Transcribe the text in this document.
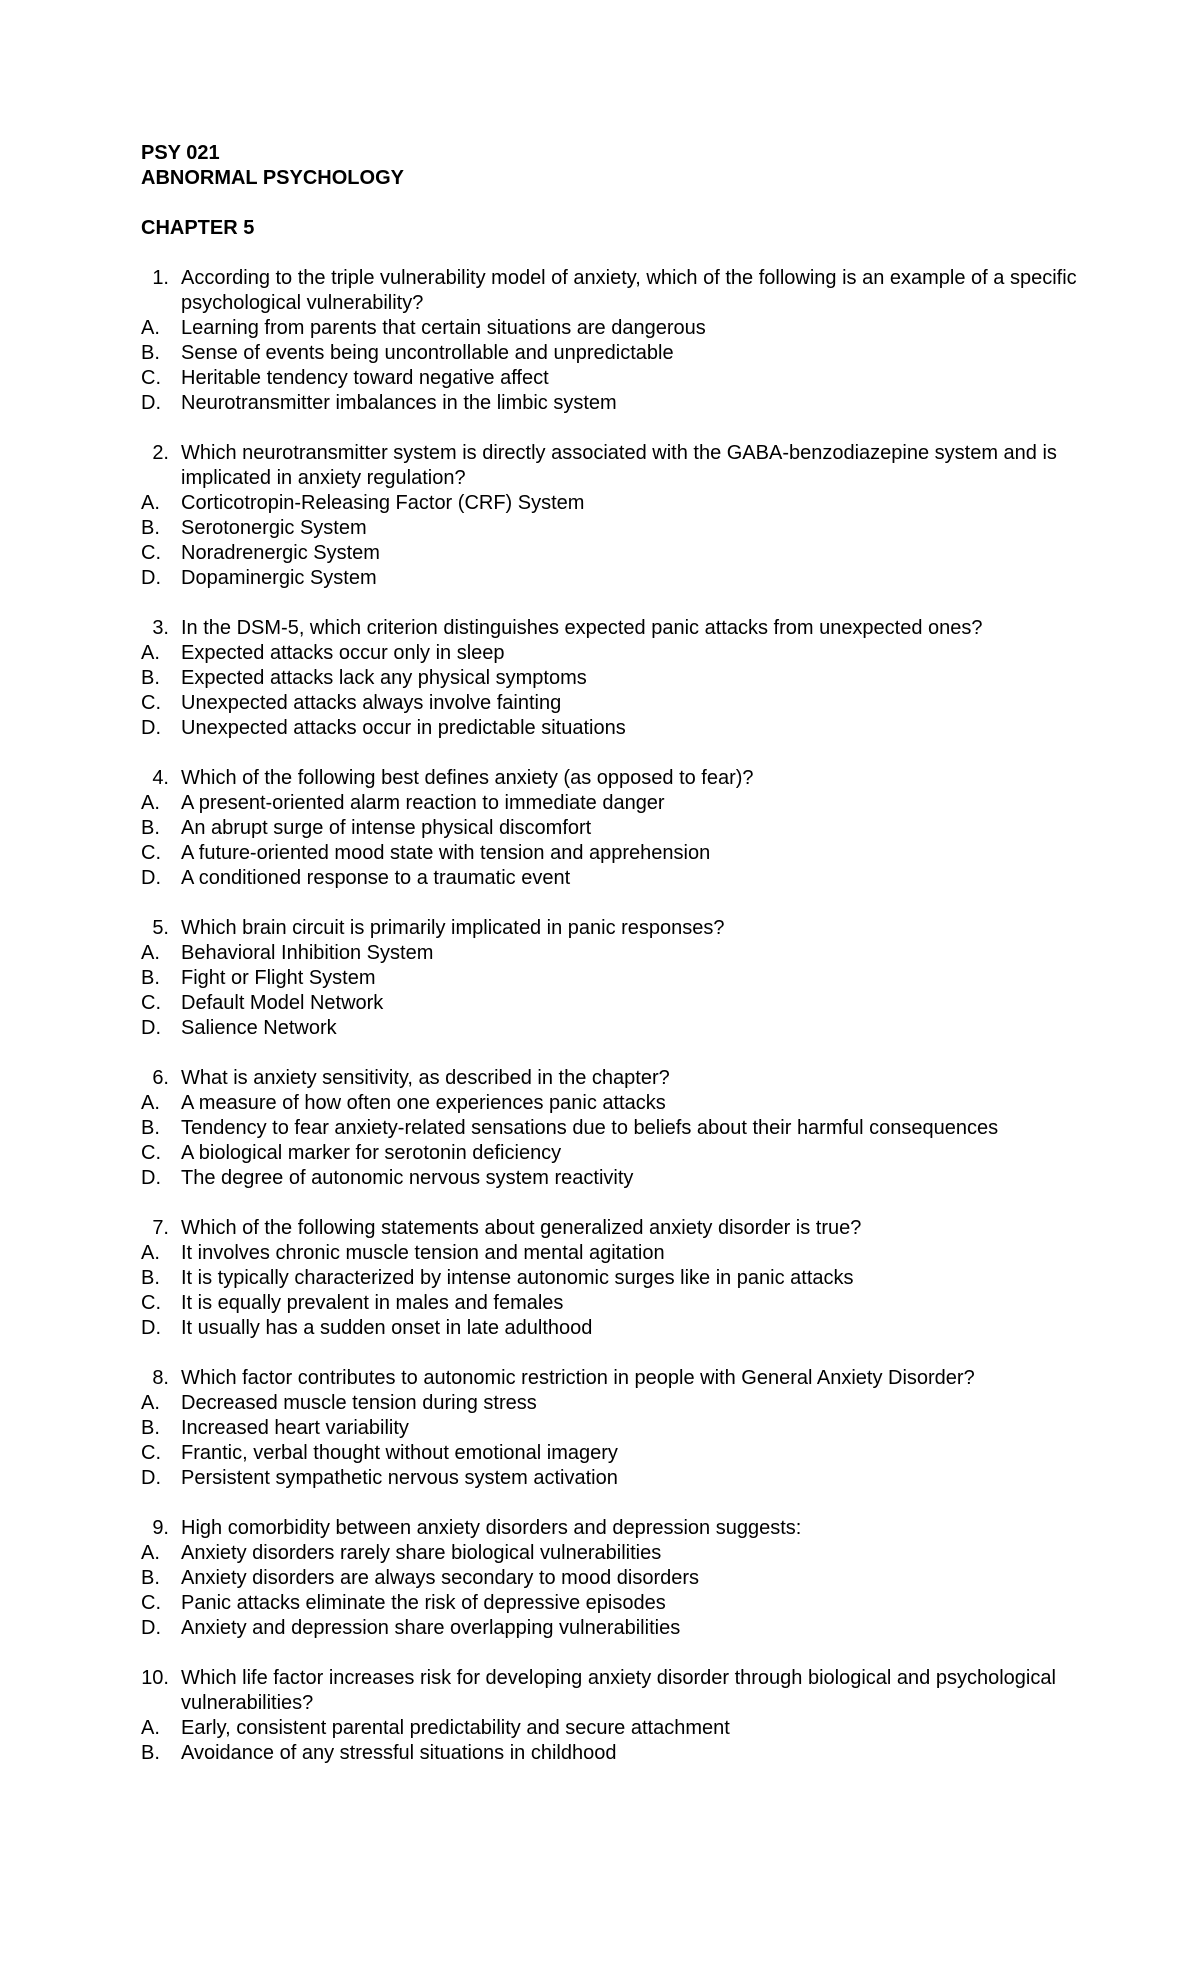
PSY 021
ABNORMAL PSYCHOLOGY
CHAPTER 5
1. According to the triple vulnerability model of anxiety, which of the following is an example of a specific psychological vulnerability?
A.	Learning from parents that certain situations are dangerous
B.	Sense of events being uncontrollable and unpredictable
C.	Heritable tendency toward negative affect
D.	Neurotransmitter imbalances in the limbic system
2. Which neurotransmitter system is directly associated with the GABA-benzodiazepine system and is implicated in anxiety regulation?
A.	Corticotropin-Releasing Factor (CRF) System
B.	Serotonergic System
C.	Noradrenergic System
D.	Dopaminergic System
3. In the DSM-5, which criterion distinguishes expected panic attacks from unexpected ones?
A.	Expected attacks occur only in sleep
B.	Expected attacks lack any physical symptoms
C.	Unexpected attacks always involve fainting
D.	Unexpected attacks occur in predictable situations
4. Which of the following best defines anxiety (as opposed to fear)?
A.	A present-oriented alarm reaction to immediate danger
B.	An abrupt surge of intense physical discomfort
C.	A future-oriented mood state with tension and apprehension
D.	A conditioned response to a traumatic event
5. Which brain circuit is primarily implicated in panic responses?
A.	Behavioral Inhibition System
B.	Fight or Flight System
C.	Default Model Network
D.	Salience Network
6. What is anxiety sensitivity, as described in the chapter?
A.	A measure of how often one experiences panic attacks
B.	Tendency to fear anxiety-related sensations due to beliefs about their harmful consequences
C.	A biological marker for serotonin deficiency
D.	The degree of autonomic nervous system reactivity
7. Which of the following statements about generalized anxiety disorder is true?
A.	It involves chronic muscle tension and mental agitation
B.	It is typically characterized by intense autonomic surges like in panic attacks
C.	It is equally prevalent in males and females
D.	It usually has a sudden onset in late adulthood
8. Which factor contributes to autonomic restriction in people with General Anxiety Disorder?
A.	Decreased muscle tension during stress
B.	Increased heart variability
C.	Frantic, verbal thought without emotional imagery
D.	Persistent sympathetic nervous system activation
9. High comorbidity between anxiety disorders and depression suggests:
A.	Anxiety disorders rarely share biological vulnerabilities
B.	Anxiety disorders are always secondary to mood disorders
C.	Panic attacks eliminate the risk of depressive episodes
D.	Anxiety and depression share overlapping vulnerabilities
10. Which life factor increases risk for developing anxiety disorder through biological and psychological vulnerabilities?
A.	Early, consistent parental predictability and secure attachment
B.	Avoidance of any stressful situations in childhood
